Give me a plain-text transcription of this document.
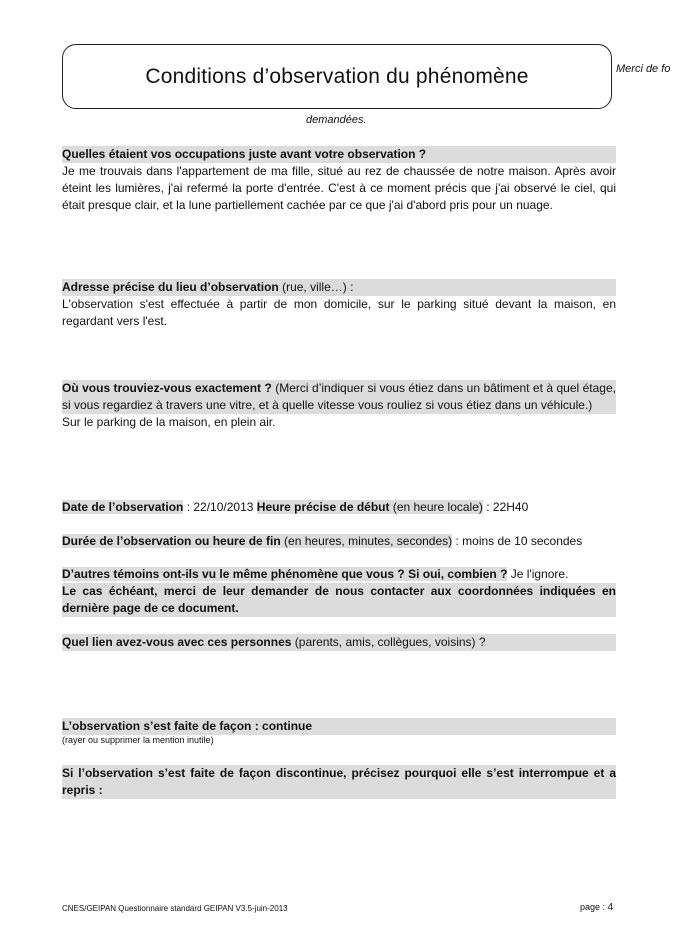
Conditions d’observation du phénomène	Merci de fo
demandées.
Quelles étaient vos occupations juste avant votre observation ?
Je me trouvais dans l'appartement de ma fille, situé au rez de chaussée de notre maison. Après avoir éteint les lumières, j'ai refermé la porte d'entrée. C'est à ce moment précis que j'ai observé le ciel, qui était presque clair, et la lune partiellement cachée par ce que j'ai d'abord pris pour un nuage.
Adresse précise du lieu d’observation (rue, ville…) :
L'observation s'est effectuée à partir de mon domicile, sur le parking situé devant la maison, en regardant vers l'est.
Où vous trouviez-vous exactement ? (Merci d’indiquer si vous étiez dans un bâtiment et à quel étage, si vous regardiez à travers une vitre, et à quelle vitesse vous rouliez si vous étiez dans un véhicule.)
Sur le parking de la maison, en plein air.
Date de l’observation : 22/10/2013 Heure précise de début (en heure locale) : 22H40
Durée de l’observation ou heure de fin (en heures, minutes, secondes) : moins de 10 secondes
D’autres témoins ont-ils vu le même phénomène que vous ? Si oui, combien ? Je l'ignore.
Le cas échéant, merci de leur demander de nous contacter aux coordonnées indiquées en dernière page de ce document.
Quel lien avez-vous avec ces personnes (parents, amis, collègues, voisins) ?
L’observation s’est faite de façon : continue
(rayer ou supprimer la mention inutile)
Si l’observation s’est faite de façon discontinue, précisez pourquoi elle s’est interrompue et a repris :
CNES/GEIPAN Questionnaire standard GEIPAN V3.5-juin-2013	page : 4
